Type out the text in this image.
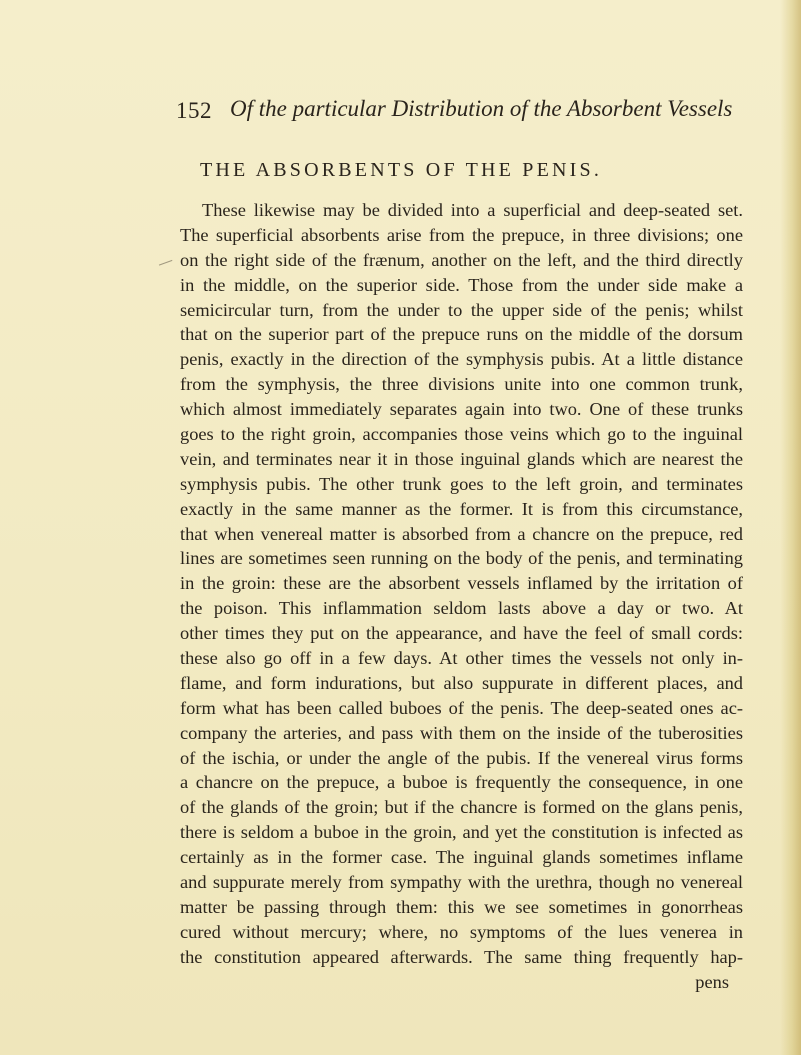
152 Of the particular Distribution of the Absorbent Vessels
THE ABSORBENTS OF THE PENIS.
These likewise may be divided into a superficial and deep-seated set.
The superficial absorbents arise from the prepuce, in three divisions; one
on the right side of the frænum, another on the left, and the third directly
in the middle, on the superior side. Those from the under side make a
semicircular turn, from the under to the upper side of the penis; whilst
that on the superior part of the prepuce runs on the middle of the dorsum
penis, exactly in the direction of the symphysis pubis. At a little distance
from the symphysis, the three divisions unite into one common trunk,
which almost immediately separates again into two. One of these trunks
goes to the right groin, accompanies those veins which go to the inguinal
vein, and terminates near it in those inguinal glands which are nearest the
symphysis pubis. The other trunk goes to the left groin, and terminates
exactly in the same manner as the former. It is from this circumstance,
that when venereal matter is absorbed from a chancre on the prepuce, red
lines are sometimes seen running on the body of the penis, and terminating
in the groin: these are the absorbent vessels inflamed by the irritation of
the poison. This inflammation seldom lasts above a day or two. At
other times they put on the appearance, and have the feel of small cords:
these also go off in a few days. At other times the vessels not only in-
flame, and form indurations, but also suppurate in different places, and
form what has been called buboes of the penis. The deep-seated ones ac-
company the arteries, and pass with them on the inside of the tuberosities
of the ischia, or under the angle of the pubis. If the venereal virus forms
a chancre on the prepuce, a buboe is frequently the consequence, in one
of the glands of the groin; but if the chancre is formed on the glans penis,
there is seldom a buboe in the groin, and yet the constitution is infected as
certainly as in the former case. The inguinal glands sometimes inflame
and suppurate merely from sympathy with the urethra, though no venereal
matter be passing through them: this we see sometimes in gonorrheas
cured without mercury; where, no symptoms of the lues venerea in
the constitution appeared afterwards. The same thing frequently hap-
pens
